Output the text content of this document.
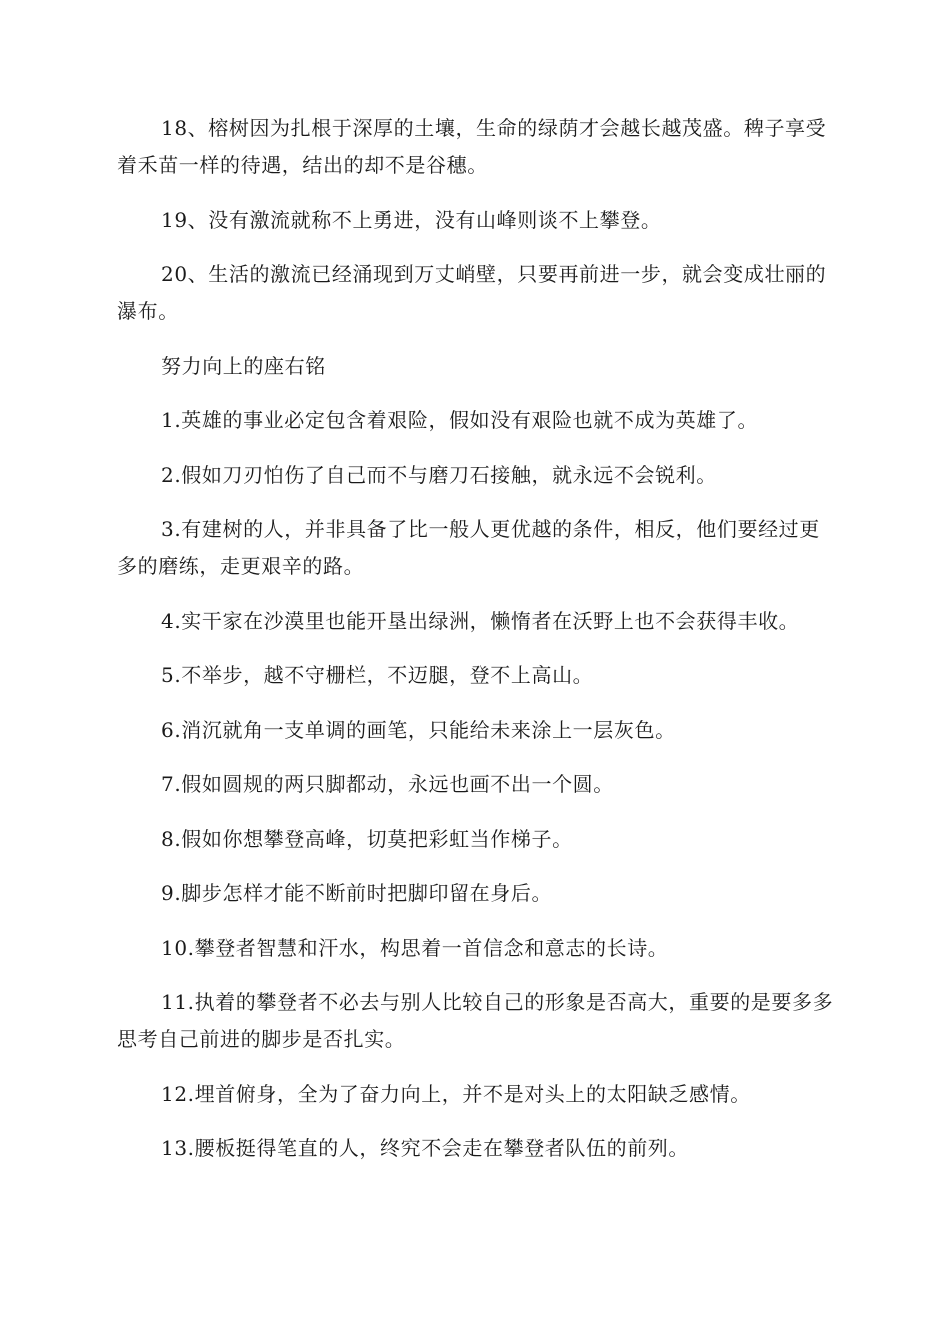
18、榕树因为扎根于深厚的土壤，生命的绿荫才会越长越茂盛。稗子享受着禾苗一样的待遇，结出的却不是谷穗。

19、没有激流就称不上勇进，没有山峰则谈不上攀登。

20、生活的激流已经涌现到万丈峭壁，只要再前进一步，就会变成壮丽的瀑布。

努力向上的座右铭

1.英雄的事业必定包含着艰险，假如没有艰险也就不成为英雄了。

2.假如刀刃怕伤了自己而不与磨刀石接触，就永远不会锐利。

3.有建树的人，并非具备了比一般人更优越的条件，相反，他们要经过更多的磨练，走更艰辛的路。

4.实干家在沙漠里也能开垦出绿洲，懒惰者在沃野上也不会获得丰收。

5.不举步，越不守栅栏，不迈腿，登不上高山。

6.消沉就角一支单调的画笔，只能给未来涂上一层灰色。

7.假如圆规的两只脚都动，永远也画不出一个圆。

8.假如你想攀登高峰，切莫把彩虹当作梯子。

9.脚步怎样才能不断前时把脚印留在身后。

10.攀登者智慧和汗水，构思着一首信念和意志的长诗。

11.执着的攀登者不必去与别人比较自己的形象是否高大，重要的是要多多思考自己前进的脚步是否扎实。

12.埋首俯身，全为了奋力向上，并不是对头上的太阳缺乏感情。

13.腰板挺得笔直的人，终究不会走在攀登者队伍的前列。
